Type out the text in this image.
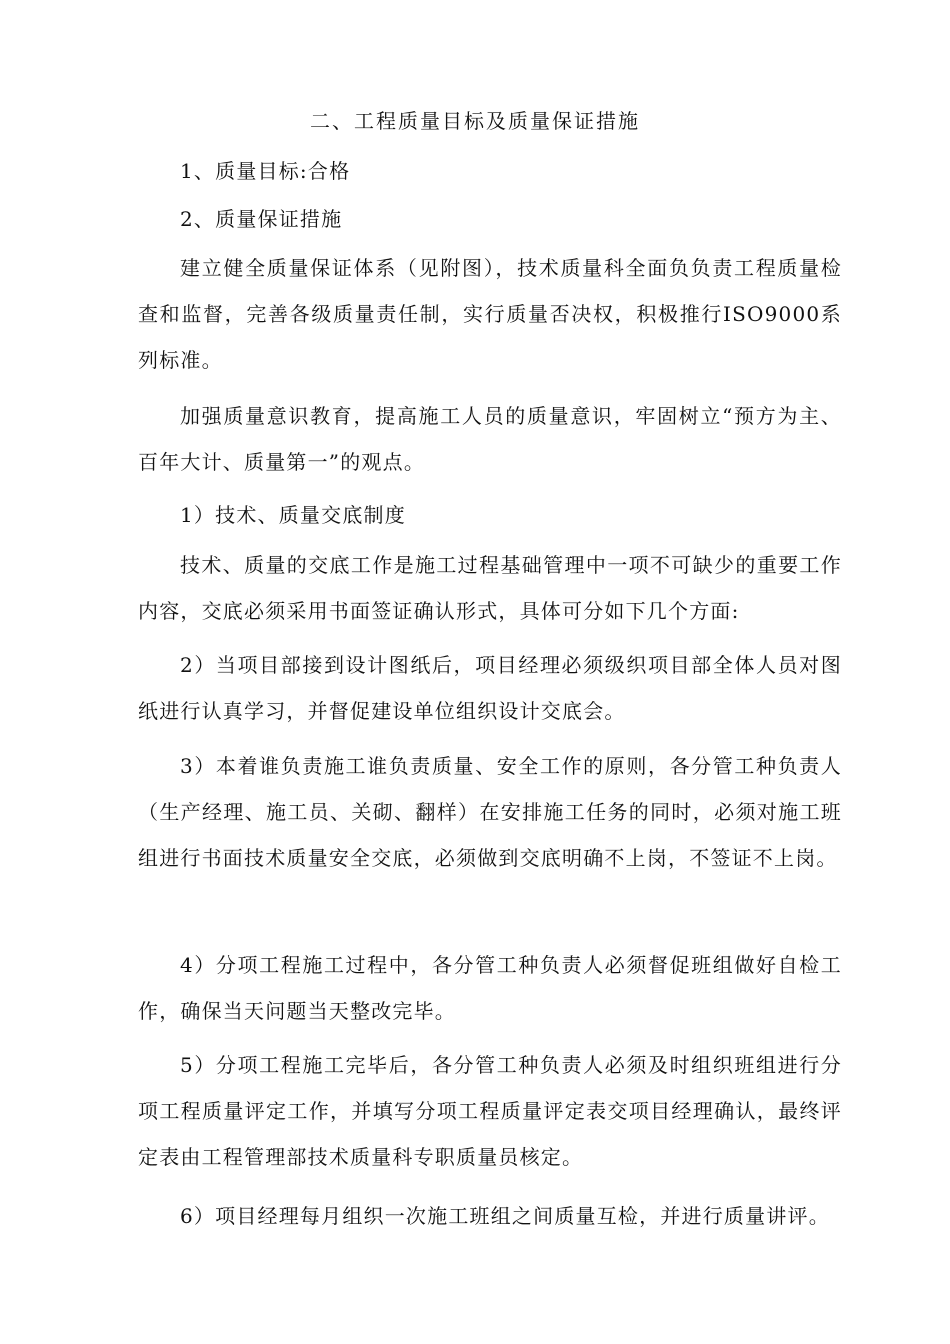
二、工程质量目标及质量保证措施

1、质量目标:合格

2、质量保证措施

建立健全质量保证体系（见附图），技术质量科全面负负责工程质量检查和监督，完善各级质量责任制，实行质量否决权，积极推行ISO9000系列标准。

加强质量意识教育，提高施工人员的质量意识，牢固树立“预方为主、百年大计、质量第一”的观点。

1）技术、质量交底制度

技术、质量的交底工作是施工过程基础管理中一项不可缺少的重要工作内容，交底必须采用书面签证确认形式，具体可分如下几个方面:

2）当项目部接到设计图纸后，项目经理必须级织项目部全体人员对图纸进行认真学习，并督促建设单位组织设计交底会。

3）本着谁负责施工谁负责质量、安全工作的原则，各分管工种负责人（生产经理、施工员、关砌、翻样）在安排施工任务的同时，必须对施工班组进行书面技术质量安全交底，必须做到交底明确不上岗，不签证不上岗。

4）分项工程施工过程中，各分管工种负责人必须督促班组做好自检工作，确保当天问题当天整改完毕。

5）分项工程施工完毕后，各分管工种负责人必须及时组织班组进行分项工程质量评定工作，并填写分项工程质量评定表交项目经理确认，最终评定表由工程管理部技术质量科专职质量员核定。

6）项目经理每月组织一次施工班组之间质量互检，并进行质量讲评。
